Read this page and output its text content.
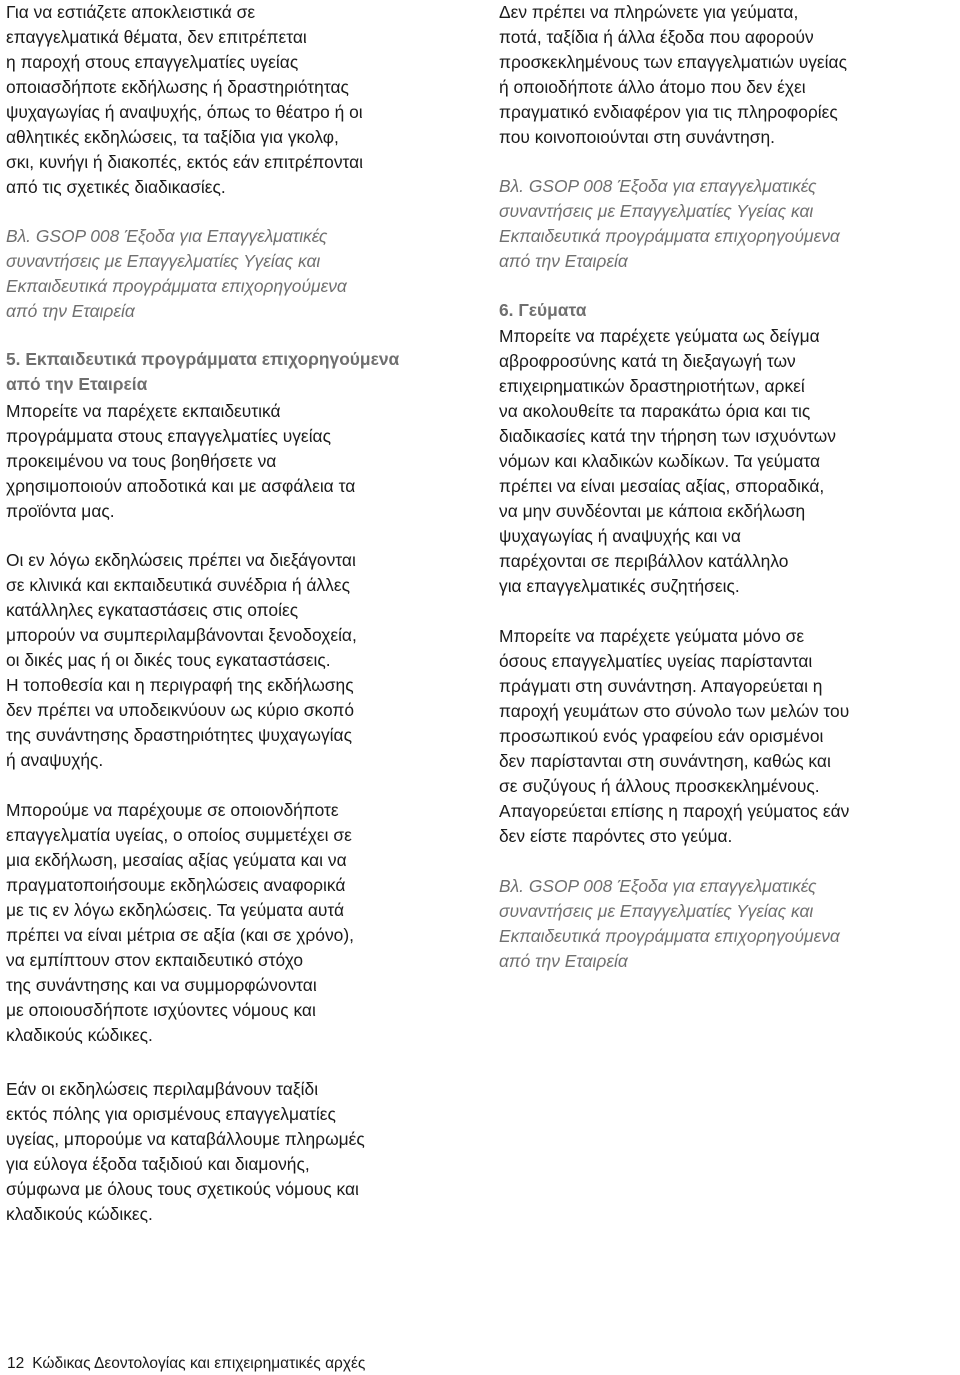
Για να εστιάζετε αποκλειστικά σε
επαγγελματικά θέματα, δεν επιτρέπεται
η παροχή στους επαγγελματίες υγείας
οποιασδήποτε εκδήλωσης ή δραστηριότητας
ψυχαγωγίας ή αναψυχής, όπως το θέατρο ή οι
αθλητικές εκδηλώσεις, τα ταξίδια για γκολφ,
σκι, κυνήγι ή διακοπές, εκτός εάν επιτρέπονται
από τις σχετικές διαδικασίες.
Βλ. GSOP 008 Έξοδα για Επαγγελματικές
συναντήσεις με Επαγγελματίες Υγείας και
Εκπαιδευτικά προγράμματα επιχορηγούμενα
από την Εταιρεία
5. Εκπαιδευτικά προγράμματα επιχορηγούμενα
από την Εταιρεία
Μπορείτε να παρέχετε εκπαιδευτικά
προγράμματα στους επαγγελματίες υγείας
προκειμένου να τους βοηθήσετε να
χρησιμοποιούν αποδοτικά και με ασφάλεια τα
προϊόντα μας.
Οι εν λόγω εκδηλώσεις πρέπει να διεξάγονται
σε κλινικά και εκπαιδευτικά συνέδρια ή άλλες
κατάλληλες εγκαταστάσεις στις οποίες
μπορούν να συμπεριλαμβάνονται ξενοδοχεία,
οι δικές μας ή οι δικές τους εγκαταστάσεις.
Η τοποθεσία και η περιγραφή της εκδήλωσης
δεν πρέπει να υποδεικνύουν ως κύριο σκοπό
της συνάντησης δραστηριότητες ψυχαγωγίας
ή αναψυχής.
Μπορούμε να παρέχουμε σε οποιονδήποτε
επαγγελματία υγείας, ο οποίος συμμετέχει σε
μια εκδήλωση, μεσαίας αξίας γεύματα και να
πραγματοποιήσουμε εκδηλώσεις αναφορικά
με τις εν λόγω εκδηλώσεις. Τα γεύματα αυτά
πρέπει να είναι μέτρια σε αξία (και σε χρόνο),
να εμπίπτουν στον εκπαιδευτικό στόχο
της συνάντησης και να συμμορφώνονται
με οποιουσδήποτε ισχύοντες νόμους και
κλαδικούς κώδικες.
Εάν οι εκδηλώσεις περιλαμβάνουν ταξίδι
εκτός πόλης για ορισμένους επαγγελματίες
υγείας, μπορούμε να καταβάλλουμε πληρωμές
για εύλογα έξοδα ταξιδιού και διαμονής,
σύμφωνα με όλους τους σχετικούς νόμους και
κλαδικούς κώδικες.
Δεν πρέπει να πληρώνετε για γεύματα,
ποτά, ταξίδια ή άλλα έξοδα που αφορούν
προσκεκλημένους των επαγγελματιών υγείας
ή οποιοδήποτε άλλο άτομο που δεν έχει
πραγματικό ενδιαφέρον για τις πληροφορίες
που κοινοποιούνται στη συνάντηση.
Βλ. GSOP 008 Έξοδα για επαγγελματικές
συναντήσεις με Επαγγελματίες Υγείας και
Εκπαιδευτικά προγράμματα επιχορηγούμενα
από την Εταιρεία
6. Γεύματα
Μπορείτε να παρέχετε γεύματα ως δείγμα
αβροφροσύνης κατά τη διεξαγωγή των
επιχειρηματικών δραστηριοτήτων, αρκεί
να ακολουθείτε τα παρακάτω όρια και τις
διαδικασίες κατά την τήρηση των ισχυόντων
νόμων και κλαδικών κωδίκων. Τα γεύματα
πρέπει να είναι μεσαίας αξίας, σποραδικά,
να μην συνδέονται με κάποια εκδήλωση
ψυχαγωγίας ή αναψυχής και να
παρέχονται σε περιβάλλον κατάλληλο
για επαγγελματικές συζητήσεις.
Μπορείτε να παρέχετε γεύματα μόνο σε
όσους επαγγελματίες υγείας παρίστανται
πράγματι στη συνάντηση. Απαγορεύεται η
παροχή γευμάτων στο σύνολο των μελών του
προσωπικού ενός γραφείου εάν ορισμένοι
δεν παρίστανται στη συνάντηση, καθώς και
σε συζύγους ή άλλους προσκεκλημένους.
Απαγορεύεται επίσης η παροχή γεύματος εάν
δεν είστε παρόντες στο γεύμα.
Βλ. GSOP 008 Έξοδα για επαγγελματικές
συναντήσεις με Επαγγελματίες Υγείας και
Εκπαιδευτικά προγράμματα επιχορηγούμενα
από την Εταιρεία
12 Κώδικας Δεοντολογίας και επιχειρηματικές αρχές
